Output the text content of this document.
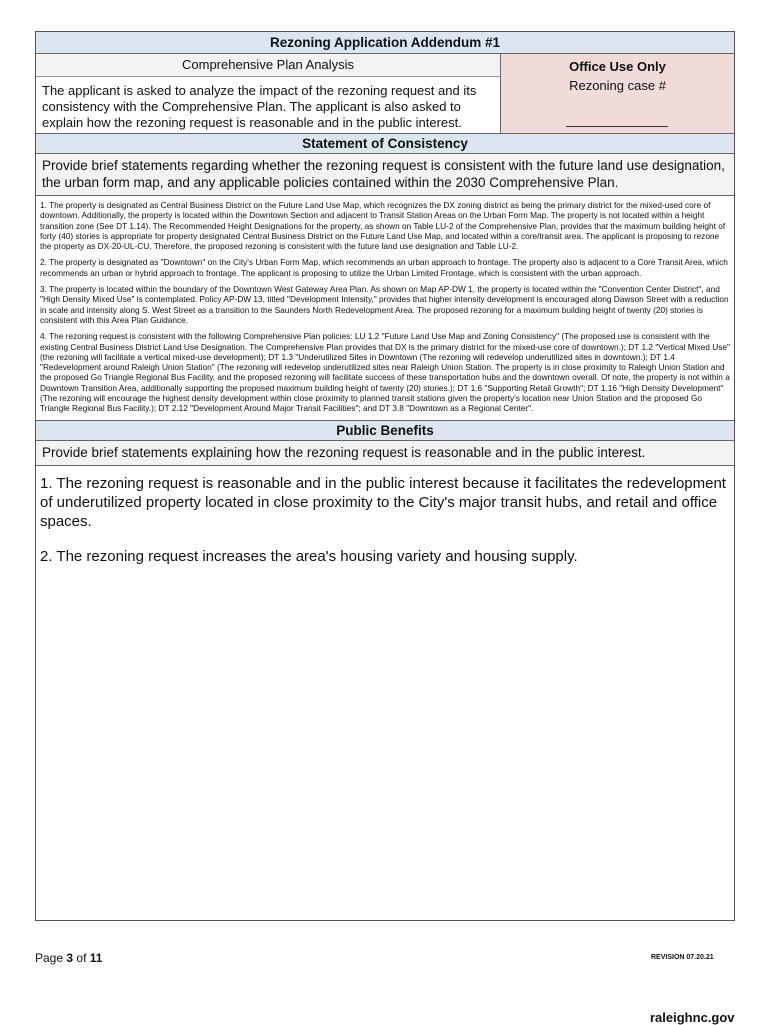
Rezoning Application Addendum #1
Comprehensive Plan Analysis
The applicant is asked to analyze the impact of the rezoning request and its consistency with the Comprehensive Plan. The applicant is also asked to explain how the rezoning request is reasonable and in the public interest.
Office Use Only
Rezoning case #
Statement of Consistency
Provide brief statements regarding whether the rezoning request is consistent with the future land use designation, the urban form map, and any applicable policies contained within the 2030 Comprehensive Plan.

1. The property is designated as Central Business District on the Future Land Use Map, which recognizes the DX zoning district as being the primary district for the mixed-used core of downtown. Additionally, the property is located within the Downtown Section and adjacent to Transit Station Areas on the Urban Form Map. The property is not located within a height transition zone (See DT 1.14). The Recommended Height Designations for the property, as shown on Table LU-2 of the Comprehensive Plan, provides that the maximum building height of forty (40) stories is appropriate for property designated Central Business District on the Future Land Use Map, and located within a core/transit area. The applicant is proposing to rezone the property as DX-20-UL-CU. Therefore, the proposed rezoning is consistent with the future land use designation and Table LU-2.

2. The property is designated as "Downtown" on the City's Urban Form Map, which recommends an urban approach to frontage. The property also is adjacent to a Core Transit Area, which recommends an urban or hybrid approach to frontage. The applicant is proposing to utilize the Urban Limited Frontage, which is consistent with the urban approach.

3. The property is located within the boundary of the Downtown West Gateway Area Plan. As shown on Map AP-DW 1, the property is located within the "Convention Center District", and "High Density Mixed Use" is contemplated. Policy AP-DW 13, titled "Development Intensity," provides that higher intensity development is encouraged along Dawson Street with a reduction in scale and intensity along S. West Street as a transition to the Saunders North Redevelopment Area. The proposed rezoning for a maximum building height of twenty (20) stories is consistent with this Area Plan Guidance.

4. The rezoning request is consistent with the following Comprehensive Plan policies: LU 1.2 "Future Land Use Map and Zoning Consistency" (The proposed use is consistent with the existing Central Business District Land Use Designation. The Comprehensive Plan provides that DX is the primary district for the mixed-use core of downtown.); DT 1.2 "Vertical Mixed Use" (the rezoning will facilitate a vertical mixed-use development); DT 1.3 "Underutilized Sites in Downtown (The rezoning will redevelop underutilized sites in downtown.); DT 1.4 "Redevelopment around Raleigh Union Station" (The rezoning will redevelop underutilized sites near Raleigh Union Station. The property is in close proximity to Raleigh Union Station and the proposed Go Triangle Regional Bus Facility, and the proposed rezoning will facilitate success of these transportation hubs and the downtown overall. Of note, the property is not within a Downtown Transition Area, additionally supporting the proposed maximum building height of twenty (20) stories.); DT 1.6 "Supporting Retail Growth"; DT 1.16 "High Density Development" (The rezoning will encourage the highest density development within close proximity to planned transit stations given the property's location near Union Station and the proposed Go Triangle Regional Bus Facility.); DT 2.12 "Development Around Major Transit Facilities"; and DT 3.8 "Downtown as a Regional Center".

Public Benefits
Provide brief statements explaining how the rezoning request is reasonable and in the public interest.

1. The rezoning request is reasonable and in the public interest because it facilitates the redevelopment of underutilized property located in close proximity to the City's major transit hubs, and retail and office spaces.

2. The rezoning request increases the area's housing variety and housing supply.

Page 3 of 11	REVISION 07.20.21
raleighnc.gov
